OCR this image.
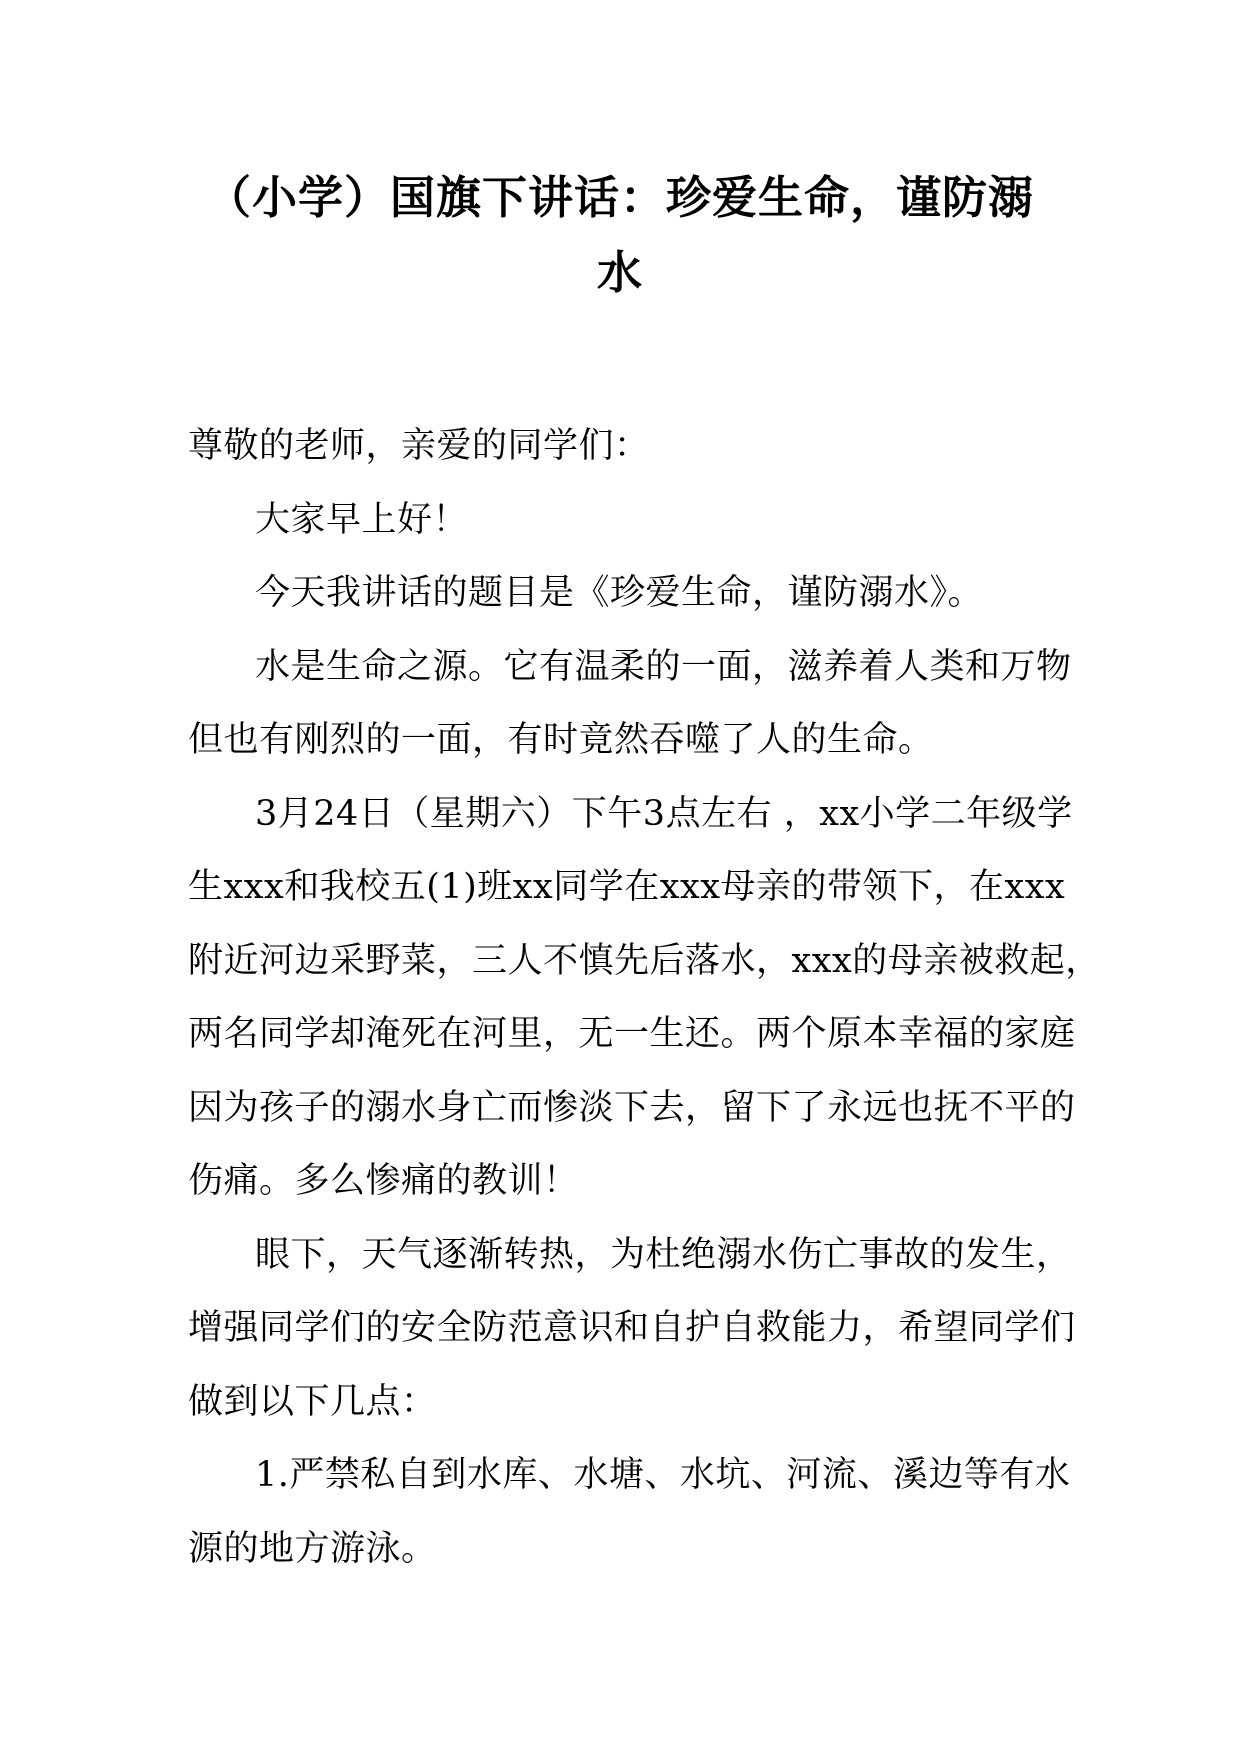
（小学）国旗下讲话：珍爱生命，谨防溺
水

尊敬的老师，亲爱的同学们：

大家早上好！

今天我讲话的题目是《珍爱生命，谨防溺水》。

水是生命之源。它有温柔的一面，滋养着人类和万物
但也有刚烈的一面，有时竟然吞噬了人的生命。

3月24日（星期六）下午3点左右 ，xx小学二年级学
生xxx和我校五(1)班xx同学在xxx母亲的带领下，在xxx
附近河边采野菜，三人不慎先后落水，xxx的母亲被救起，
两名同学却淹死在河里，无一生还。两个原本幸福的家庭
因为孩子的溺水身亡而惨淡下去，留下了永远也抚不平的
伤痛。多么惨痛的教训！

眼下，天气逐渐转热，为杜绝溺水伤亡事故的发生，
增强同学们的安全防范意识和自护自救能力，希望同学们
做到以下几点：

1.严禁私自到水库、水塘、水坑、河流、溪边等有水
源的地方游泳。
